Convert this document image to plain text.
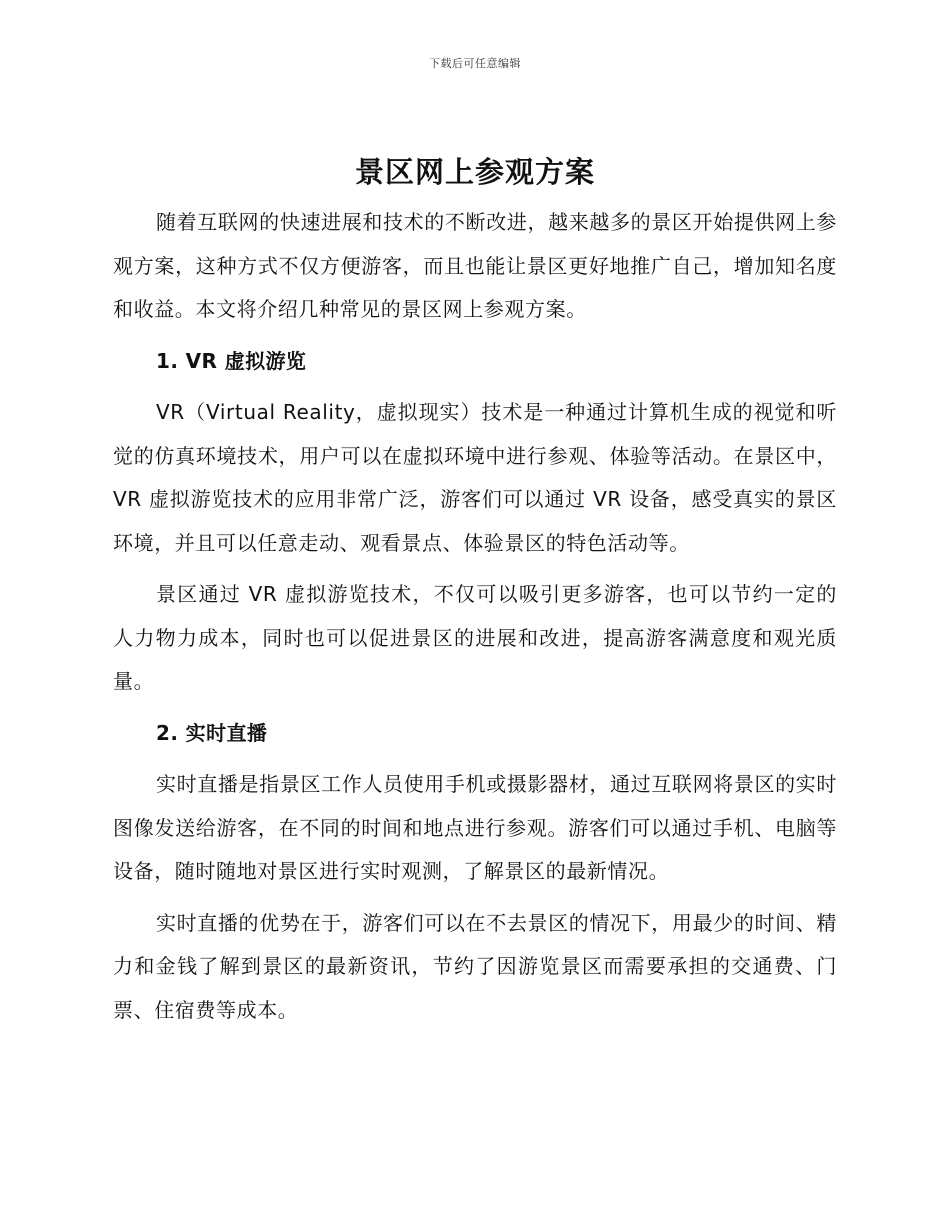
下载后可任意编辑
景区网上参观方案

随着互联网的快速进展和技术的不断改进，越来越多的景区开始提供网上参观方案，这种方式不仅方便游客，而且也能让景区更好地推广自己，增加知名度和收益。本文将介绍几种常见的景区网上参观方案。

1. VR 虚拟游览

VR（Virtual Reality，虚拟现实）技术是一种通过计算机生成的视觉和听觉的仿真环境技术，用户可以在虚拟环境中进行参观、体验等活动。在景区中，VR 虚拟游览技术的应用非常广泛，游客们可以通过 VR 设备，感受真实的景区环境，并且可以任意走动、观看景点、体验景区的特色活动等。

景区通过 VR 虚拟游览技术，不仅可以吸引更多游客，也可以节约一定的人力物力成本，同时也可以促进景区的进展和改进，提高游客满意度和观光质量。

2. 实时直播

实时直播是指景区工作人员使用手机或摄影器材，通过互联网将景区的实时图像发送给游客，在不同的时间和地点进行参观。游客们可以通过手机、电脑等设备，随时随地对景区进行实时观测，了解景区的最新情况。

实时直播的优势在于，游客们可以在不去景区的情况下，用最少的时间、精力和金钱了解到景区的最新资讯，节约了因游览景区而需要承担的交通费、门票、住宿费等成本。
